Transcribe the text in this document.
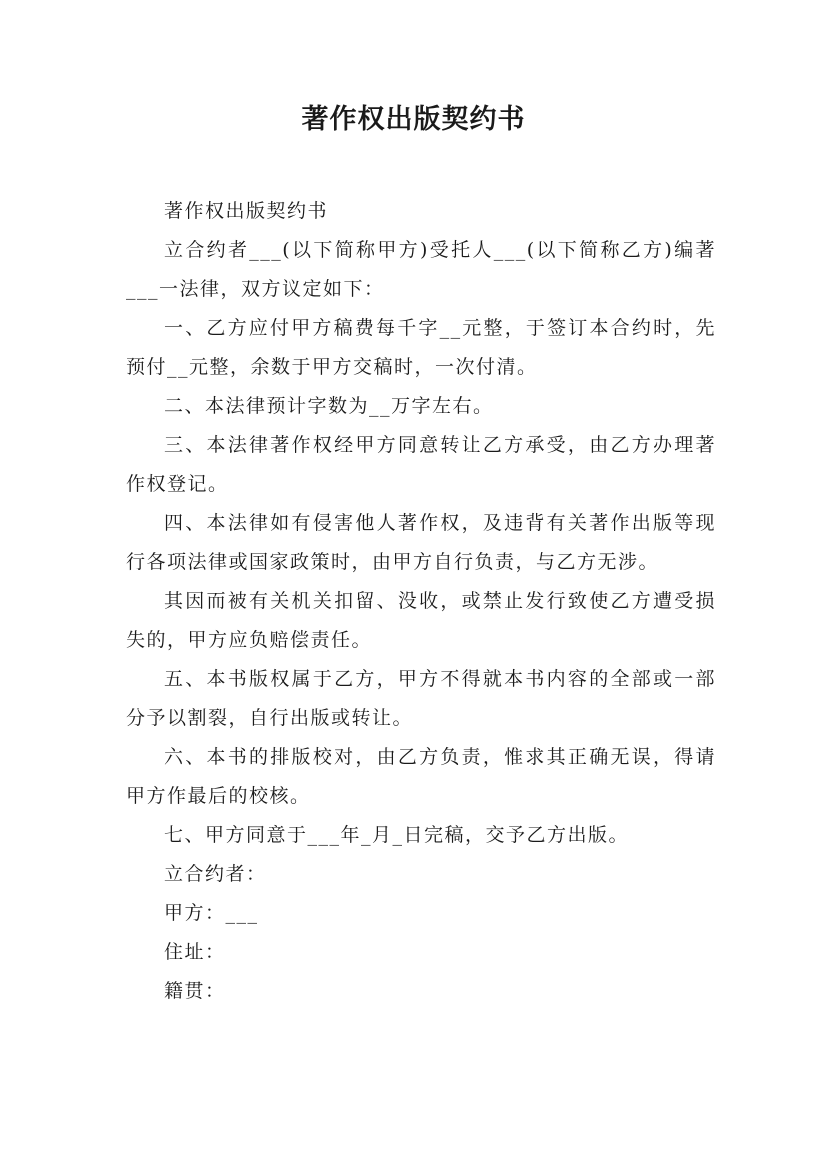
著作权出版契约书

著作权出版契约书

立合约者___(以下简称甲方)受托人___(以下简称乙方)编著___一法律，双方议定如下：

一、乙方应付甲方稿费每千字__元整，于签订本合约时，先预付__元整，余数于甲方交稿时，一次付清。

二、本法律预计字数为__万字左右。

三、本法律著作权经甲方同意转让乙方承受，由乙方办理著作权登记。

四、本法律如有侵害他人著作权，及违背有关著作出版等现行各项法律或国家政策时，由甲方自行负责，与乙方无涉。

其因而被有关机关扣留、没收，或禁止发行致使乙方遭受损失的，甲方应负赔偿责任。

五、本书版权属于乙方，甲方不得就本书内容的全部或一部分予以割裂，自行出版或转让。

六、本书的排版校对，由乙方负责，惟求其正确无误，得请甲方作最后的校核。

七、甲方同意于___年_月_日完稿，交予乙方出版。

立合约者：

甲方：___

住址：

籍贯：
